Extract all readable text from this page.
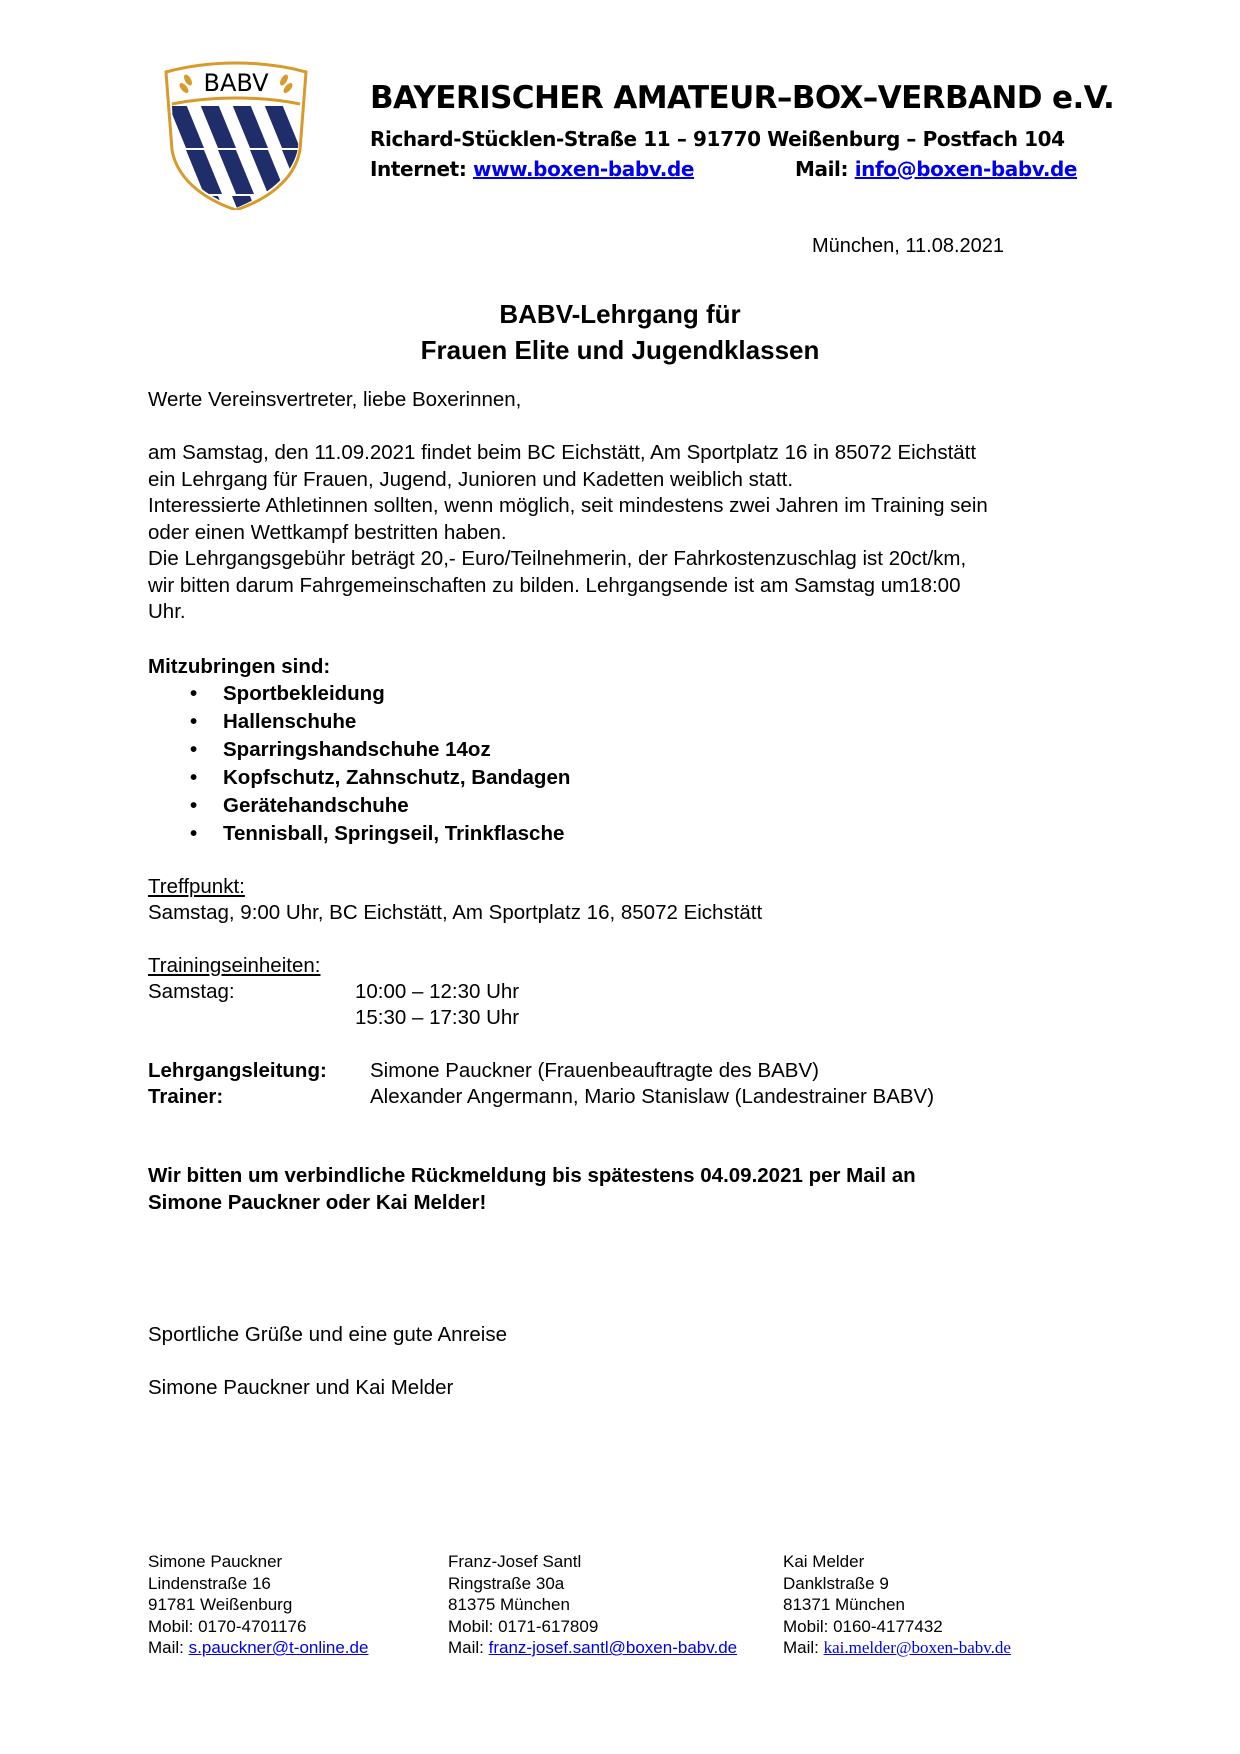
BABV	BAYERISCHER AMATEUR–BOX–VERBAND e.V.
Richard-Stücklen-Straße 11 – 91770 Weißenburg – Postfach 104
Internet: www.boxen-babv.de	Mail: info@boxen-babv.de
München, 11.08.2021
BABV-Lehrgang für
Frauen Elite und Jugendklassen
Werte Vereinsvertreter, liebe Boxerinnen,
am Samstag, den 11.09.2021 findet beim BC Eichstätt, Am Sportplatz 16 in 85072 Eichstätt
ein Lehrgang für Frauen, Jugend, Junioren und Kadetten weiblich statt.
Interessierte Athletinnen sollten, wenn möglich, seit mindestens zwei Jahren im Training sein
oder einen Wettkampf bestritten haben.
Die Lehrgangsgebühr beträgt 20,- Euro/Teilnehmerin, der Fahrkostenzuschlag ist 20ct/km,
wir bitten darum Fahrgemeinschaften zu bilden. Lehrgangsende ist am Samstag um18:00
Uhr.
Mitzubringen sind:
• Sportbekleidung
• Hallenschuhe
• Sparringshandschuhe 14oz
• Kopfschutz, Zahnschutz, Bandagen
• Gerätehandschuhe
• Tennisball, Springseil, Trinkflasche
Treffpunkt:
Samstag, 9:00 Uhr, BC Eichstätt, Am Sportplatz 16, 85072 Eichstätt
Trainingseinheiten:
Samstag:	10:00 – 12:30 Uhr
15:30 – 17:30 Uhr
Lehrgangsleitung: Simone Pauckner (Frauenbeauftragte des BABV)
Trainer:	Alexander Angermann, Mario Stanislaw (Landestrainer BABV)
Wir bitten um verbindliche Rückmeldung bis spätestens 04.09.2021 per Mail an
Simone Pauckner oder Kai Melder!
Sportliche Grüße und eine gute Anreise
Simone Pauckner und Kai Melder
Simone Pauckner
Lindenstraße 16
91781 Weißenburg
Mobil: 0170-4701176
Mail: s.pauckner@t-online.de
Franz-Josef Santl
Ringstraße 30a
81375 München
Mobil: 0171-617809
Mail: franz-josef.santl@boxen-babv.de
Kai Melder
Danklstraße 9
81371 München
Mobil: 0160-4177432
Mail: kai.melder@boxen-babv.de
